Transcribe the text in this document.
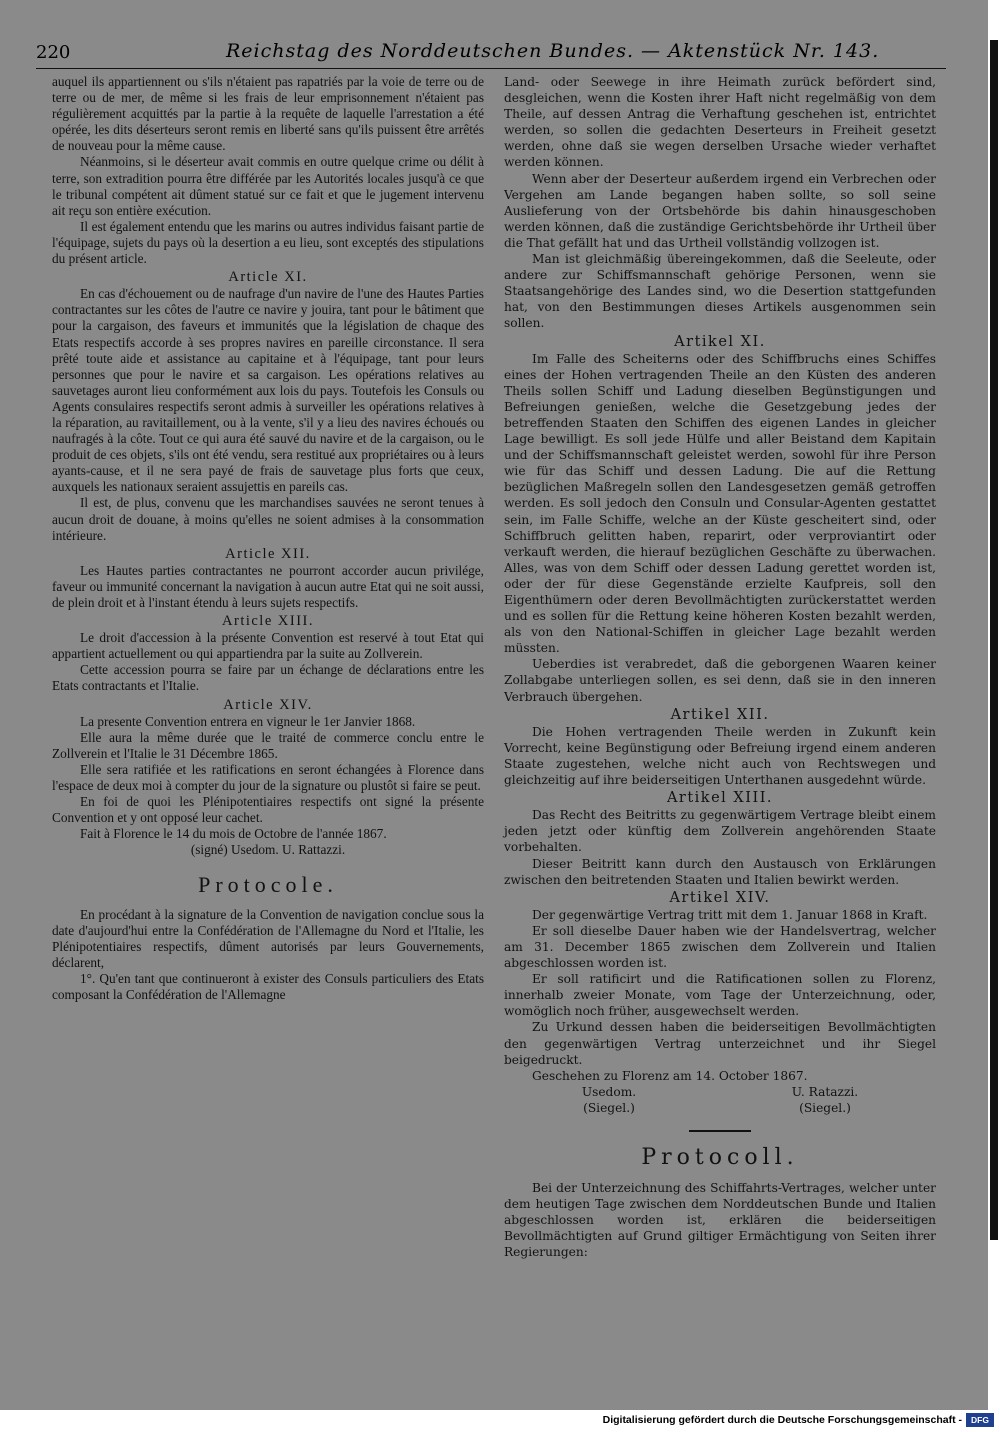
220	Reichstag des Norddeutschen Bundes. — Aktenstück Nr. 143.

auquel ils appartiennent ou s'ils n'étaient pas rapatriés par la voie de terre ou de terre ou de mer, de même si les frais de leur emprisonnement n'étaient pas régulièrement acquittés par la partie à la requête de laquelle l'arrestation a été opérée, les dits déserteurs seront remis en liberté sans qu'ils puissent être arrêtés de nouveau pour la même cause.

Néanmoins, si le déserteur avait commis en outre quelque crime ou délit à terre, son extradition pourra être différée par les Autorités locales jusqu'à ce que le tribunal compétent ait dûment statué sur ce fait et que le jugement intervenu ait reçu son entière exécution.

Il est également entendu que les marins ou autres individus faisant partie de l'équipage, sujets du pays où la desertion a eu lieu, sont exceptés des stipulations du présent article.

Article XI.

En cas d'échouement ou de naufrage d'un navire de l'une des Hautes Parties contractantes sur les côtes de l'autre ce navire y jouira, tant pour le bâtiment que pour la cargaison, des faveurs et immunités que la législation de chaque des Etats respectifs accorde à ses propres navires en pareille circonstance. Il sera prêté toute aide et assistance au capitaine et à l'équipage, tant pour leurs personnes que pour le navire et sa cargaison. Les opérations relatives au sauvetages auront lieu conformément aux lois du pays. Toutefois les Consuls ou Agents consulaires respectifs seront admis à surveiller les opérations relatives à la réparation, au ravitaillement, ou à la vente, s'il y a lieu des navires échoués ou naufragés à la côte. Tout ce qui aura été sauvé du navire et de la cargaison, ou le produit de ces objets, s'ils ont été vendu, sera restitué aux propriétaires ou à leurs ayants-cause, et il ne sera payé de frais de sauvetage plus forts que ceux, auxquels les nationaux seraient assujettis en pareils cas.

Il est, de plus, convenu que les marchandises sauvées ne seront tenues à aucun droit de douane, à moins qu'elles ne soient admises à la consommation intérieure.

Article XII.

Les Hautes parties contractantes ne pourront accorder aucun privilége, faveur ou immunité concernant la navigation à aucun autre Etat qui ne soit aussi, de plein droit et à l'instant étendu à leurs sujets respectifs.

Article XIII.

Le droit d'accession à la présente Convention est reservé à tout Etat qui appartient actuellement ou qui appartiendra par la suite au Zollverein.

Cette accession pourra se faire par un échange de déclarations entre les Etats contractants et l'Italie.

Article XIV.

La presente Convention entrera en vigneur le 1er Janvier 1868.

Elle aura la même durée que le traité de commerce conclu entre le Zollverein et l'Italie le 31 Décembre 1865.

Elle sera ratifiée et les ratifications en seront échangées à Florence dans l'espace de deux moi à compter du jour de la signature ou plustôt si faire se peut.

En foi de quoi les Plénipotentiaires respectifs ont signé la présente Convention et y ont opposé leur cachet.

Fait à Florence le 14 du mois de Octobre de l'année 1867.

(signé) Usedom. U. Rattazzi.
Protocole.

En procédant à la signature de la Convention de navigation conclue sous la date d'aujourd'hui entre la Confédération de l'Allemagne du Nord et l'Italie, les Plénipotentiaires respectifs, dûment autorisés par leurs Gouvernements, déclarent,

1°. Qu'en tant que continueront à exister des Consuls particuliers des Etats composant la Confédération de l'Allemagne

Land- oder Seewege in ihre Heimath zurück befördert sind, desgleichen, wenn die Kosten ihrer Haft nicht regelmäßig von dem Theile, auf dessen Antrag die Verhaftung geschehen ist, entrichtet werden, so sollen die gedachten Deserteurs in Freiheit gesetzt werden, ohne daß sie wegen derselben Ursache wieder verhaftet werden können.

Wenn aber der Deserteur außerdem irgend ein Verbrechen oder Vergehen am Lande begangen haben sollte, so soll seine Auslieferung von der Ortsbehörde bis dahin hinausgeschoben werden können, daß die zuständige Gerichtsbehörde ihr Urtheil über die That gefällt hat und das Urtheil vollständig vollzogen ist.

Man ist gleichmäßig übereingekommen, daß die Seeleute, oder andere zur Schiffsmannschaft gehörige Personen, wenn sie Staatsangehörige des Landes sind, wo die Desertion stattgefunden hat, von den Bestimmungen dieses Artikels ausgenommen sein sollen.

Artikel XI.

Im Falle des Scheiterns oder des Schiffbruchs eines Schiffes eines der Hohen vertragenden Theile an den Küsten des anderen Theils sollen Schiff und Ladung dieselben Begünstigungen und Befreiungen genießen, welche die Gesetzgebung jedes der betreffenden Staaten den Schiffen des eigenen Landes in gleicher Lage bewilligt. Es soll jede Hülfe und aller Beistand dem Kapitain und der Schiffsmannschaft geleistet werden, sowohl für ihre Person wie für das Schiff und dessen Ladung. Die auf die Rettung bezüglichen Maßregeln sollen den Landesgesetzen gemäß getroffen werden. Es soll jedoch den Consuln und Consular-Agenten gestattet sein, im Falle Schiffe, welche an der Küste gescheitert sind, oder Schiffbruch gelitten haben, reparirt, oder verproviantirt oder verkauft werden, die hierauf bezüglichen Geschäfte zu überwachen. Alles, was von dem Schiff oder dessen Ladung gerettet worden ist, oder der für diese Gegenstände erzielte Kaufpreis, soll den Eigenthümern oder deren Bevollmächtigten zurückerstattet werden und es sollen für die Rettung keine höheren Kosten bezahlt werden, als von den National-Schiffen in gleicher Lage bezahlt werden müssten.

Ueberdies ist verabredet, daß die geborgenen Waaren keiner Zollabgabe unterliegen sollen, es sei denn, daß sie in den inneren Verbrauch übergehen.

Artikel XII.

Die Hohen vertragenden Theile werden in Zukunft kein Vorrecht, keine Begünstigung oder Befreiung irgend einem anderen Staate zugestehen, welche nicht auch von Rechtswegen und gleichzeitig auf ihre beiderseitigen Unterthanen ausgedehnt würde.

Artikel XIII.

Das Recht des Beitritts zu gegenwärtigem Vertrage bleibt einem jeden jetzt oder künftig dem Zollverein angehörenden Staate vorbehalten.

Dieser Beitritt kann durch den Austausch von Erklärungen zwischen den beitretenden Staaten und Italien bewirkt werden.

Artikel XIV.

Der gegenwärtige Vertrag tritt mit dem 1. Januar 1868 in Kraft.

Er soll dieselbe Dauer haben wie der Handelsvertrag, welcher am 31. December 1865 zwischen dem Zollverein und Italien abgeschlossen worden ist.

Er soll ratificirt und die Ratificationen sollen zu Florenz, innerhalb zweier Monate, vom Tage der Unterzeichnung, oder, womöglich noch früher, ausgewechselt werden.

Zu Urkund dessen haben die beiderseitigen Bevollmächtigten den gegenwärtigen Vertrag unterzeichnet und ihr Siegel beigedruckt.

Geschehen zu Florenz am 14. October 1867.

Usedom.
(Siegel.)
U. Ratazzi.
(Siegel.)
Protocoll.

Bei der Unterzeichnung des Schiffahrts-Vertrages, welcher unter dem heutigen Tage zwischen dem Norddeutschen Bunde und Italien abgeschlossen worden ist, erklären die beiderseitigen Bevollmächtigten auf Grund giltiger Ermächtigung von Seiten ihrer Regierungen:

Digitalisierung gefördert durch die Deutsche Forschungsgemeinschaft -	DFG
